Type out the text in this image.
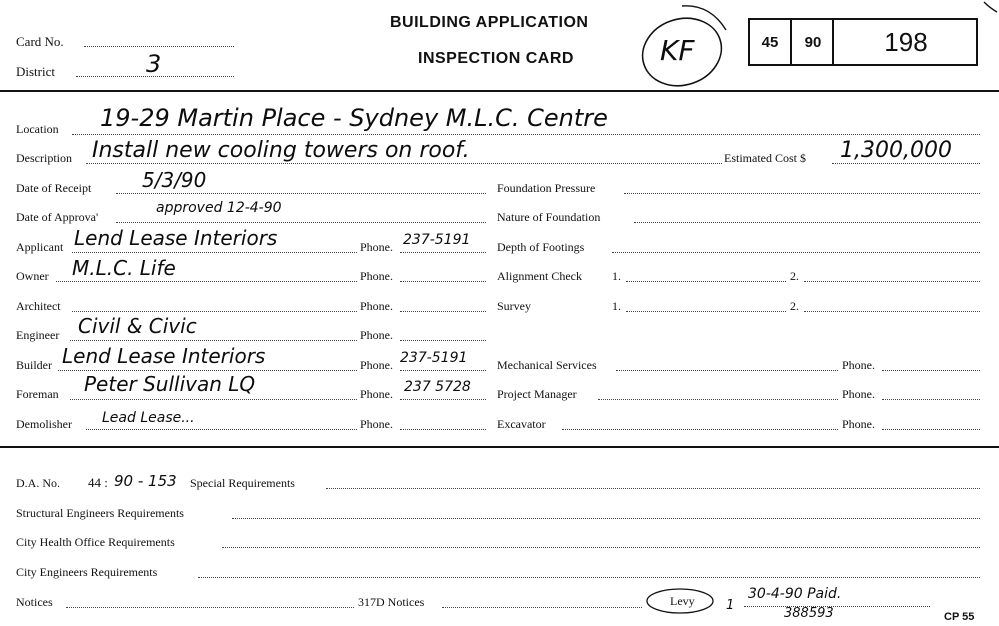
Card No.
District	3
BUILDING APPLICATION
INSPECTION CARD	KF	45	90	198
Location 19-29 Martin Place - Sydney M.L.C. Centre
Description Install new cooling towers on roof.	Estimated Cost $ 1,300,000
Date of Receipt	5/3/90
Date of Approva'
approved 12-4-90
Applicant Lend Lease Interiors	Phone. 237-5191
Owner M.L.C. Life	Phone.
Architect	Phone.
Engineer Civil & Civic	Phone.
Builder Lend Lease Interiors	Phone. 237-5191
Foreman Peter Sullivan LQ	Phone. 237 5728
Demolisher Lead Lease...	Phone.
Foundation Pressure
Nature of Foundation
Depth of Footings
Alignment Check	1.	2.
Survey	1.	2.
Mechanical Services	Phone.
Project Manager	Phone.
Excavator	Phone.
D.A. No. 44 : 90 - 153 Special Requirements
Structural Engineers Requirements
City Health Office Requirements
City Engineers Requirements
Notices	317D Notices	Levy 1
30-4-90 Paid.
388593	CP 55
